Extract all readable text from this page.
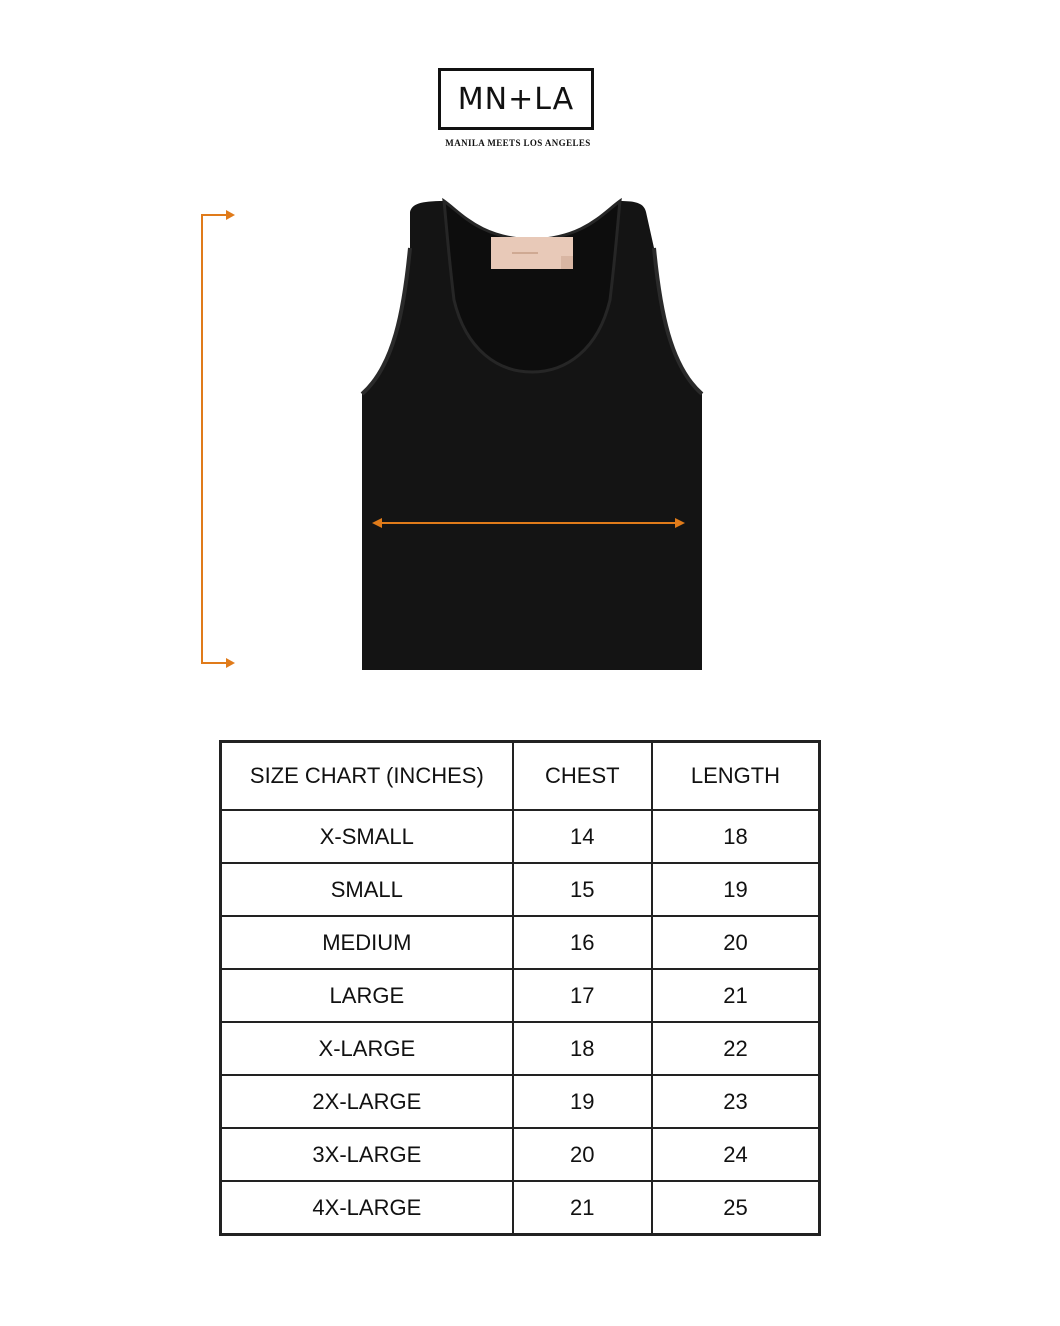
MN+LA
MANILA MEETS LOS ANGELES
SIZE CHART (INCHES)	CHEST	LENGTH
X-SMALL	14	18
SMALL	15	19
MEDIUM	16	20
LARGE	17	21
X-LARGE	18	22
2X-LARGE	19	23
3X-LARGE	20	24
4X-LARGE	21	25
